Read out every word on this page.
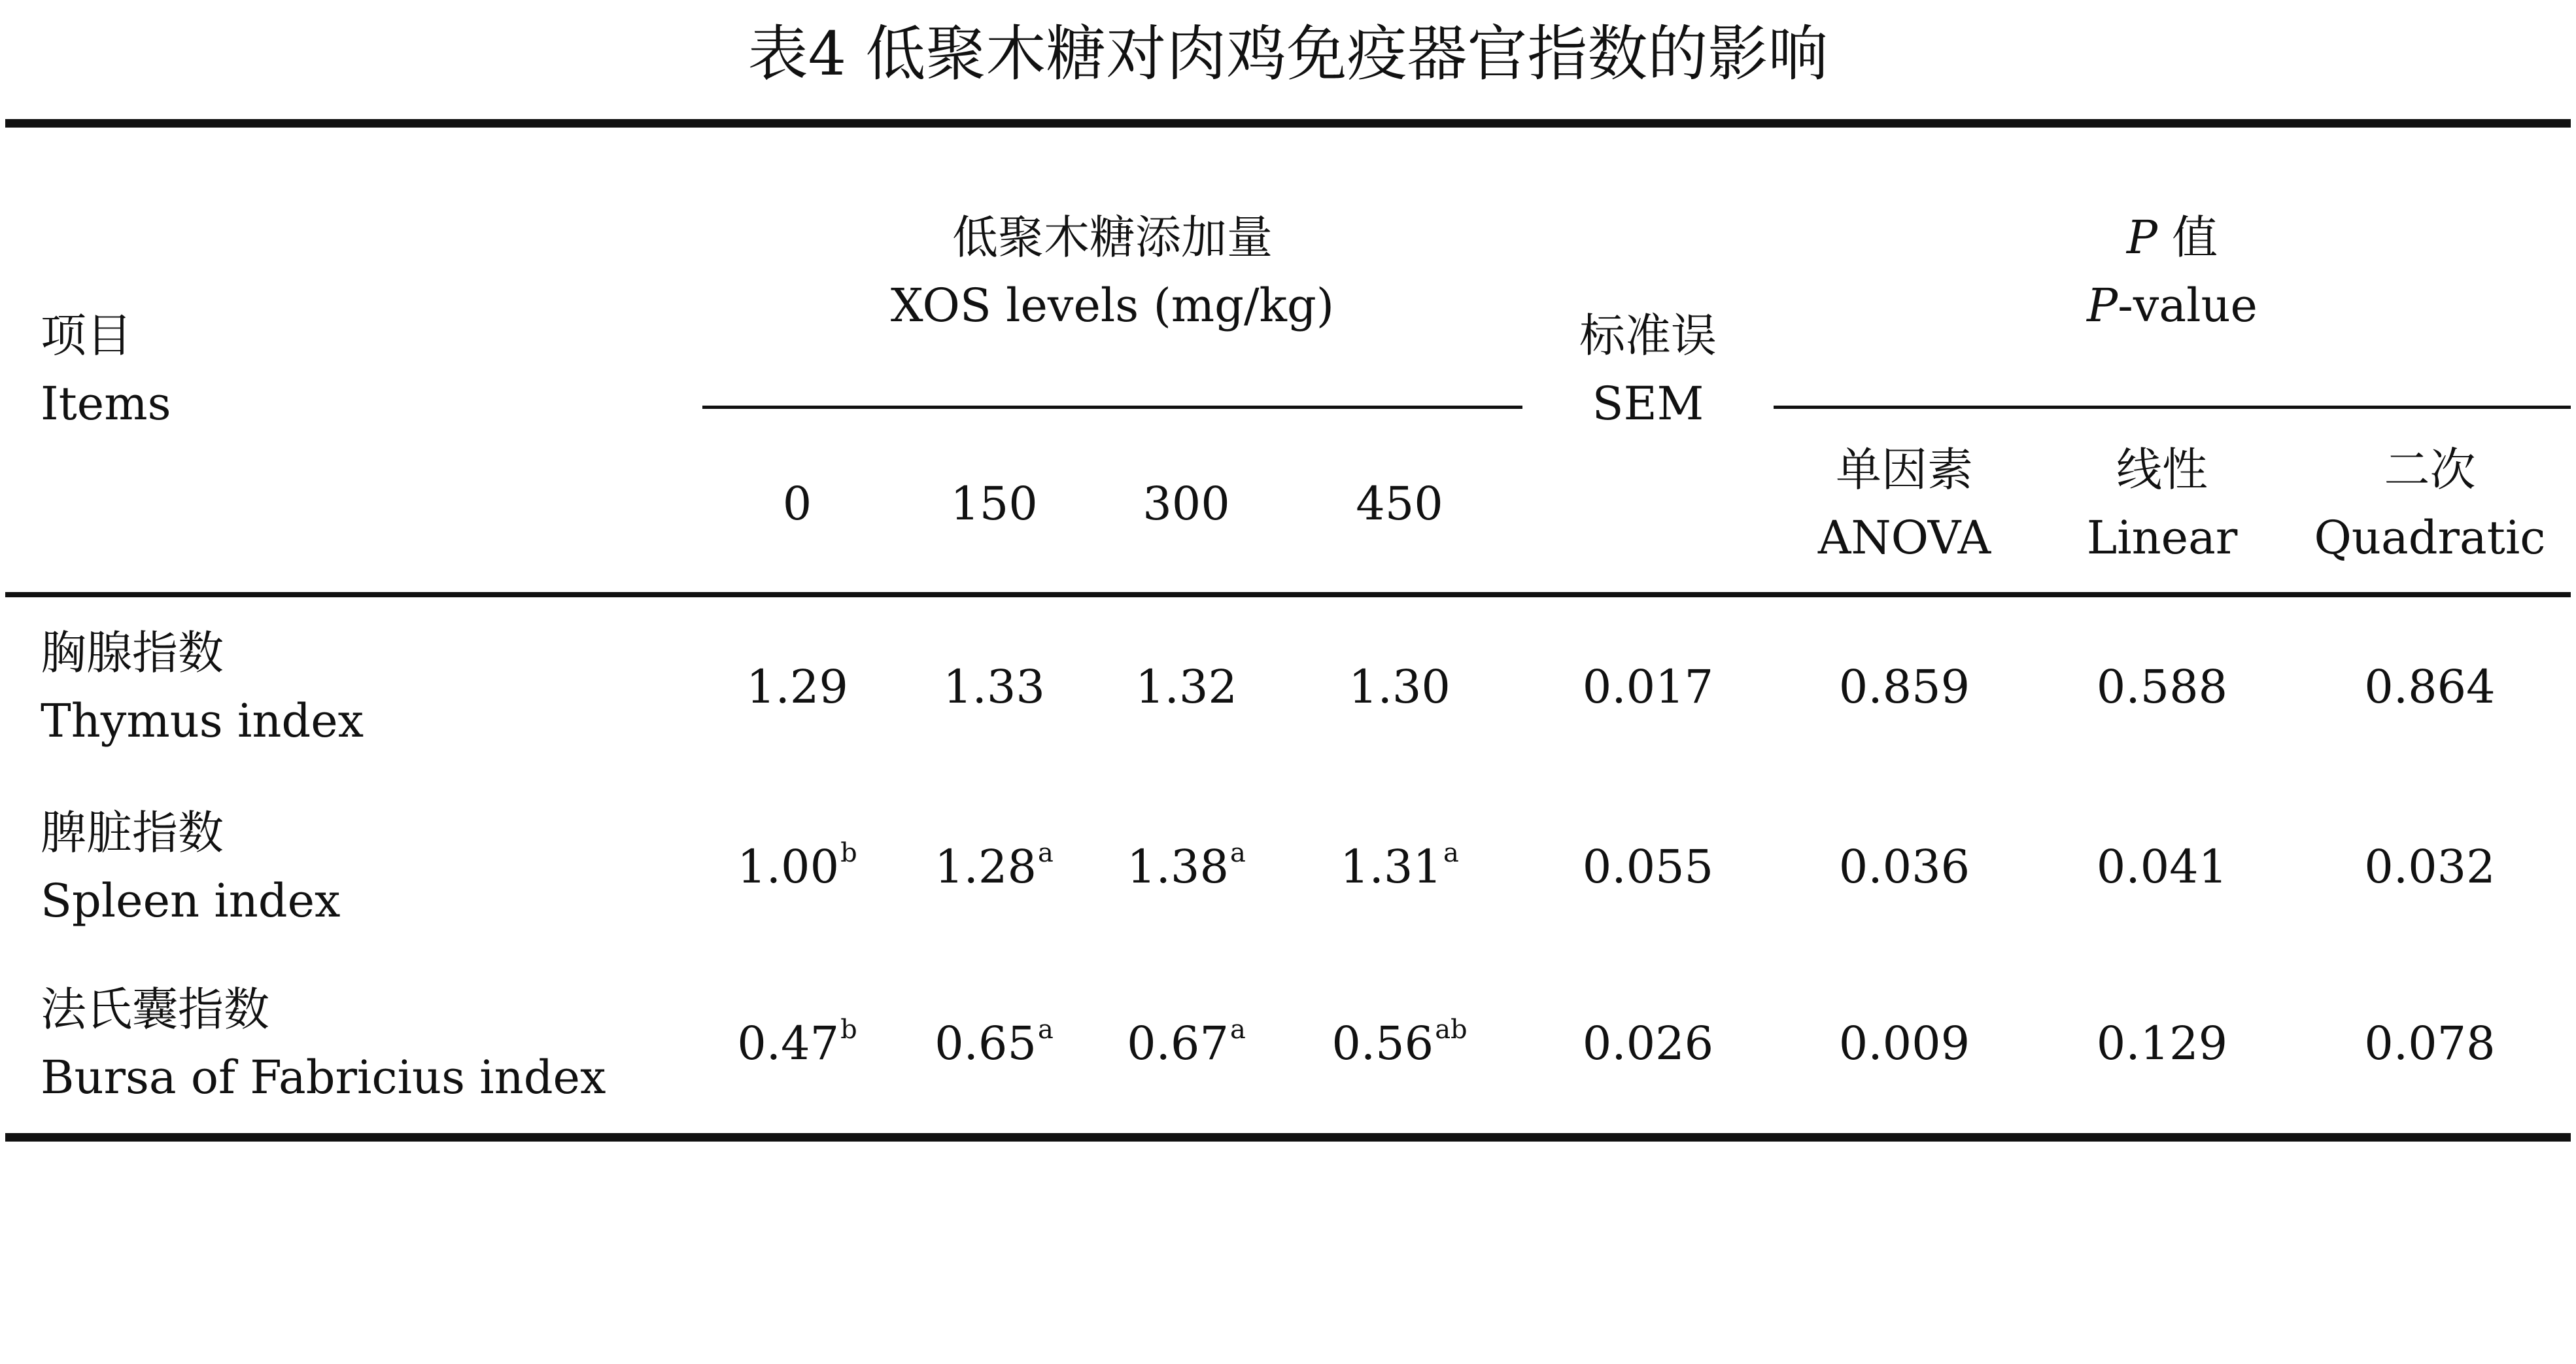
表4 低聚木糖对肉鸡免疫器官指数的影响
项目
Items
低聚木糖添加量
XOS levels (mg/kg)
标准误
SEM
P 值
P-value
0	150	300	450
单因素
ANOVA
线性
Linear
二次
Quadratic
胸腺指数
Thymus index
1.29 1.33 1.32 1.30	0.017	0.859	0.588	0.864
脾脏指数
Spleen index
1.00$^b$ 1.28$^a$ 1.38$^a$ 1.31$^a$	0.055	0.036	0.041	0.032
法氏囊指数
Bursa of Fabricius index
0.47$^b$ 0.65$^a$ 0.67$^a$ 0.56$^{ab}$	0.026	0.009	0.129	0.078
